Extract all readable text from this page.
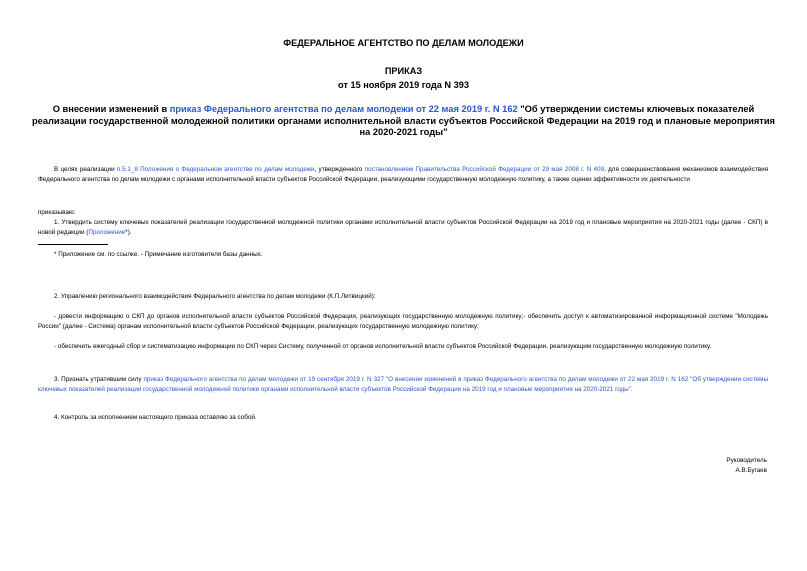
ФЕДЕРАЛЬНОЕ АГЕНТСТВО ПО ДЕЛАМ МОЛОДЕЖИ
ПРИКАЗ
от 15 ноября 2019 года N 393
О внесении изменений в приказ Федерального агентства по делам молодежи от 22 мая 2019 г. N 162 "Об утверждении системы ключевых показателей реализации государственной молодежной политики органами исполнительной власти субъектов Российской Федерации на 2019 год и плановые мероприятия на 2020-2021 годы"
В целях реализации п.5.1_8 Положения о Федеральном агентстве по делам молодежи, утвержденного постановлением Правительства Российской Федерации от 29 мая 2008 г. N 409, для совершенствования механизмов взаимодействия Федерального агентства по делам молодежи с органами исполнительной власти субъектов Российской Федерации, реализующими государственную молодежную политику, а также оценки эффективности их деятельности
приказываю:
1. Утвердить систему ключевых показателей реализации государственной молодежной политики органами исполнительной власти субъектов Российской Федерации на 2019 год и плановые мероприятия на 2020-2021 годы (далее - СКП) в новой редакции (Приложение*).
* Приложение см. по ссылке. - Примечание изготовителя базы данных.
2. Управлению регионального взаимодействия Федерального агентства по делам молодежи (К.П.Литвицкий):
- довести информацию о СКП до органов исполнительной власти субъектов Российской Федерации, реализующих государственную молодежную политику;- обеспечить доступ к автоматизированной информационной системе "Молодежь России" (далее - Система) органам исполнительной власти субъектов Российской Федерации, реализующих государственную молодежную политику;
- обеспечить ежегодный сбор и систематизацию информации по СКП через Систему, полученной от органов исполнительной власти субъектов Российской Федерации, реализующим государственную молодежную политику.
3. Признать утратившим силу приказ Федерального агентства по делам молодежи от 19 сентября 2019 г. N 327 "О внесении изменений в приказ Федерального агентства по делам молодежи от 22 мая 2019 г. N 162 "Об утверждении системы ключевых показателей реализации государственной молодежной политики органами исполнительной власти субъектов Российской Федерации на 2019 год и плановые мероприятия на 2020-2021 годы".
4. Контроль за исполнением настоящего приказа оставляю за собой.
Руководитель
А.В.Бугаев
